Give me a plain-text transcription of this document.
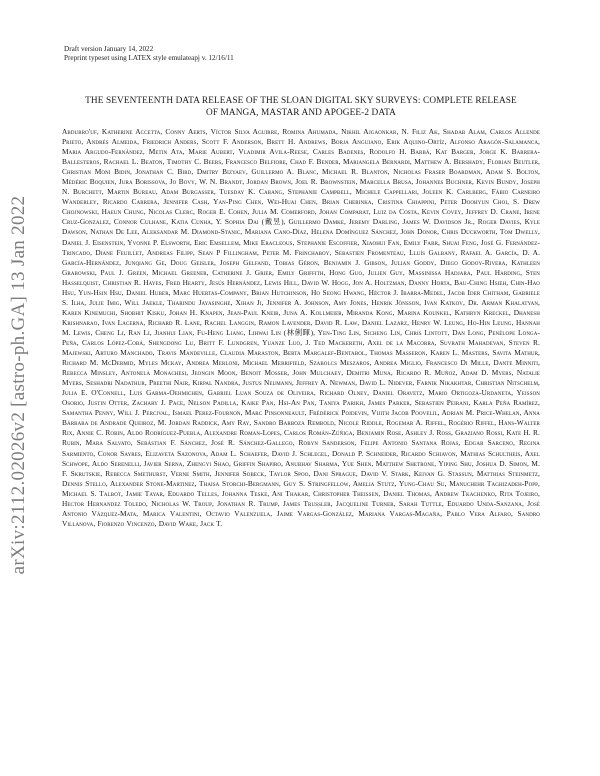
arXiv:2112.02026v2 [astro-ph.GA] 13 Jan 2022
Draft version January 14, 2022
Preprint typeset using LATEX style emulateapj v. 12/16/11
THE SEVENTEENTH DATA RELEASE OF THE SLOAN DIGITAL SKY SURVEYS: COMPLETE RELEASE
OF MANGA, MASTAR AND APOGEE-2 DATA
Abdurro'uf, Katherine Accetta, Conny Aerts, Víctor Silva Aguirre, Romina Ahumada, Nikhil Ajgaonkar, N. Filiz Ak, Shadab Alam, Carlos Allende Prieto, Andrés Almeida, Friedrich Anders, Scott F. Anderson, Brett H. Andrews, Borja Anguiano, Erik Aquino-Ortíz, Alfonso Aragón-Salamanca, Maria Argudo-Fernández, Metin Ata, Marie Aubert, Vladimir Avila-Reese, Carles Badenes, Rodolfo H. Barbá, Kat Barger, Jorge K. Barrera-Ballesteros, Rachael L. Beaton, Timothy C. Beers, Francesco Belfiore, Chad F. Bender, Mariangela Bernardi, Matthew A. Bershady, Florian Beutler, Christian Moni Bidin, Jonathan C. Bird, Dmitry Bizyaev, Guillermo A. Blanc, Michael R. Blanton, Nicholas Fraser Boardman, Adam S. Bolton, Médéric Boquien, Jura Borissova, Jo Bovy, W. N. Brandt, Jordan Brown, Joel R. Brownstein, Marcella Brusa, Johannes Buchner, Kevin Bundy, Joseph N. Burchett, Martin Bureau, Adam Burgasser, Tuesday K. Cabang, Stephanie Campbell, Michele Cappellari, Joleen K. Carlberg, Fábio Carneiro Wanderley, Ricardo Carrera, Jennifer Cash, Yan-Ping Chen, Wei-Huai Chen, Brian Cherinka, Cristina Chiappini, Peter Doohyun Choi, S. Drew Chojnowski, Haeun Chung, Nicolas Clerc, Roger E. Cohen, Julia M. Comerford, Johan Comparat, Luiz da Costa, Kevin Covey, Jeffrey D. Crane, Irene Cruz-Gonzalez, Connor Culhane, Katia Cunha, Y. Sophia Dai (戴昱), Guillermo Damke, Jeremy Darling, James W. Davidson Jr., Roger Davies, Kyle Dawson, Nathan De Lee, Aleksandar M. Diamond-Stanic, Mariana Cano-Díaz, Helena Domínguez Sánchez, John Donor, Chris Duckworth, Tom Dwelly, Daniel J. Eisenstein, Yvonne P. Elsworth, Eric Emsellem, Mike Eracleous, Stephanie Escoffier, Xiaohui Fan, Emily Farr, Shuai Feng, José G. Fernández-Trincado, Diane Feuillet, Andreas Filipp, Sean P Fillingham, Peter M. Frinchaboy, Sebastien Fromenteau, Lluís Galbany, Rafael A. García, D. A. García-Hernández, Junqiang Ge, Doug Geisler, Joseph Gelfand, Tobias Géron, Benjamin J. Gibson, Julian Goddy, Diego Godoy-Rivera, Kathleen Grabowski, Paul J. Green, Michael Greener, Catherine J. Grier, Emily Griffith, Hong Guo, Julien Guy, Massinissa Hadjara, Paul Harding, Sten Hasselquist, Christian R. Hayes, Fred Hearty, Jesús Hernández, Lewis Hill, David W. Hogg, Jon A. Holtzman, Danny Horta, Bau-Ching Hsieh, Chin-Hao Hsu, Yun-Hsin Hsu, Daniel Huber, Marc Huertas-Company, Brian Hutchinson, Ho Seong Hwang, Héctor J. Ibarra-Medel, Jacob Ider Chitham, Gabriele S. Ilha, Julie Imig, Will Jaekle, Tharindu Jayasinghe, Xihan Ji, Jennifer A. Johnson, Amy Jones, Henrik Jönsson, Ivan Katkov, Dr. Arman Khalatyan, Karen Kinemuchi, Shobhit Kisku, Johan H. Knapen, Jean-Paul Kneib, Juna A. Kollmeier, Miranda Kong, Marina Kounkel, Kathryn Kreckel, Dhanesh Krishnarao, Ivan Lacerna, Richard R. Lane, Rachel Langgin, Ramon Lavender, David R. Law, Daniel Lazarz, Henry W. Leung, Ho-Hin Leung, Hannah M. Lewis, Cheng Li, Ran Li, Jianhui Lian, Fu-Heng Liang, Lihwai Lin (林俐暉), Yen-Ting Lin, Sicheng Lin, Chris Lintott, Dan Long, Penélope Longa-Peña, Carlos López-Cobá, Shengdong Lu, Britt F. Lundgren, Yuanze Luo, J. Ted Mackereth, Axel de la Macorra, Suvrath Mahadevan, Steven R. Majewski, Arturo Manchado, Travis Mandeville, Claudia Maraston, Berta Margalef-Bentabol, Thomas Masseron, Karen L. Masters, Savita Mathur, Richard M. McDermid, Myles Mckay, Andrea Merloni, Michael Merrifield, Szabolcs Meszaros, Andrea Miglio, Francesco Di Mille, Dante Minniti, Rebecca Minsley, Antonela Monachesi, Jeongin Moon, Benoit Mosser, John Mulchaey, Demitri Muna, Ricardo R. Muñoz, Adam D. Myers, Natalie Myers, Seshadri Nadathur, Preethi Nair, Kirpal Nandra, Justus Neumann, Jeffrey A. Newman, David L. Nidever, Farnik Nikakhtar, Christian Nitschelm, Julia E. O'Connell, Luis Garma-Oehmichen, Gabriel Luan Souza de Oliveira, Richard Olney, Daniel Oravetz, Mario Ortigoza-Urdaneta, Yeisson Osorio, Justin Otter, Zachary J. Pace, Nelson Padilla, Kaike Pan, Hsi-An Pan, Taniya Parikh, James Parker, Sebastien Peirani, Karla Peña Ramírez, Samantha Penny, Will J. Percival, Ismael Perez-Fournon, Marc Pinsonneault, Frédérick Poidevin, Vijith Jacob Poovelil, Adrian M. Price-Whelan, Anna Bárbara de Andrade Queiroz, M. Jordan Raddick, Amy Ray, Sandro Barboza Rembold, Nicole Riddle, Rogemar A. Riffel, Rogério Riffel, Hans-Walter Rix, Annie C. Robin, Aldo Rodríguez-Puebla, Alexandre Roman-Lopes, Carlos Román-Zúñiga, Benjamin Rose, Ashley J. Ross, Graziano Rossi, Kate H. R. Rubin, Mara Salvato, Sebástian F. Sánchez, José R. Sánchez-Gallego, Robyn Sanderson, Felipe Antonio Santana Rojas, Edgar Sarceno, Regina Sarmiento, Conor Sayres, Elizaveta Sazonova, Adam L. Schaefer, David J. Schlegel, Donald P. Schneider, Ricardo Schiavon, Mathias Schultheis, Axel Schwope, Aldo Serenelli, Javier Serna, Zhengyi Shao, Griffin Shapiro, Anubhav Sharma, Yue Shen, Matthew Shetrone, Yiping Shu, Joshua D. Simon, M. F. Skrutskie, Rebecca Smethurst, Verne Smith, Jennifer Sobeck, Taylor Spoo, Dani Sprague, David V. Stark, Keivan G. Stassun, Matthias Steinmetz, Dennis Stello, Alexander Stone-Martinez, Thaisa Storchi-Bergmann, Guy S. Stringfellow, Amelia Stutz, Yung-Chau Su, Manuchehr Taghizadeh-Popp, Michael S. Talbot, Jamie Tayar, Eduardo Telles, Johanna Teske, Ani Thakar, Christopher Theissen, Daniel Thomas, Andrew Tkachenko, Rita Tojeiro, Hector Hernandez Toledo, Nicholas W. Troup, Jonathan R. Trump, James Trussler, Jacqueline Turner, Sarah Tuttle, Eduardo Unda-Sanzana, José Antonio Vázquez-Mata, Marica Valentini, Octavio Valenzuela, Jaime Vargas-González, Mariana Vargas-Magaña, Pablo Vera Alfaro, Sandro Villanova, Fiorenzo Vincenzo, David Wake, Jack T.
